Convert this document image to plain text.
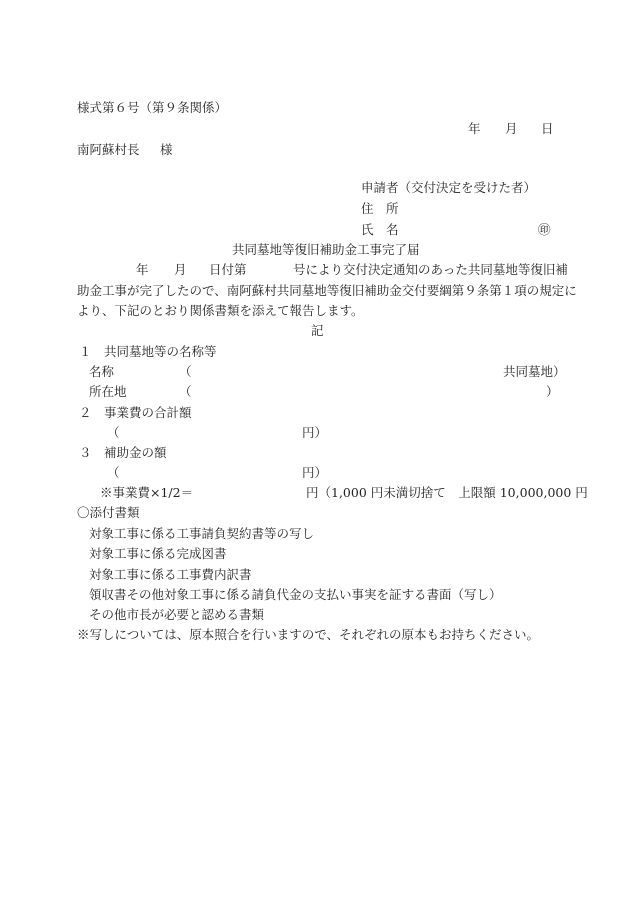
様式第６号（第９条関係）
年 月 日
南阿蘇村長 様
申請者（交付決定を受けた者）
住　所
氏　名	㊞
共同墓地等復旧補助金工事完了届
年 月 日付第	号により交付決定通知のあった共同墓地等復旧補
助金工事が完了したので、南阿蘇村共同墓地等復旧補助金交付要綱第９条第１項の規定に
より、下記のとおり関係書類を添えて報告します。
記
１　共同墓地等の名称等
名称	（	共同墓地）
所在地	（	）
２　事業費の合計額
（	円）
３　補助金の額
（	円）
※事業費×1/2＝	円（1,000 円未満切捨て　上限額 10,000,000 円
〇添付書類
対象工事に係る工事請負契約書等の写し
対象工事に係る完成図書
対象工事に係る工事費内訳書
領収書その他対象工事に係る請負代金の支払い事実を証する書面（写し）
その他市長が必要と認める書類
※写しについては、原本照合を行いますので、それぞれの原本もお持ちください。
